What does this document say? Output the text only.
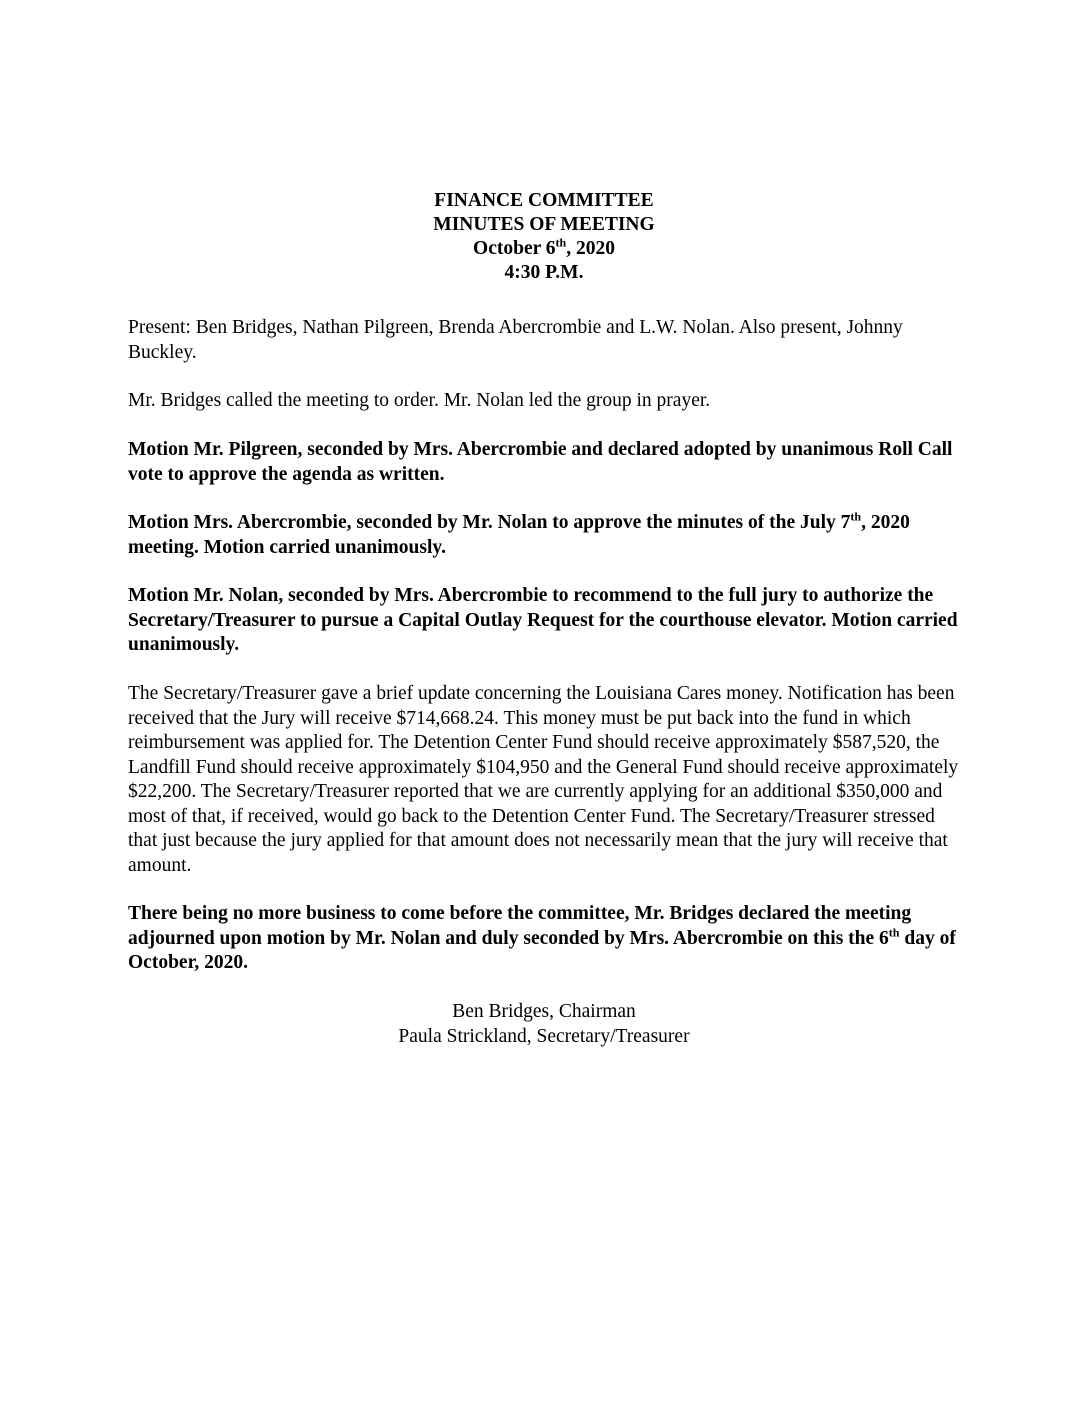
FINANCE COMMITTEE
MINUTES OF MEETING
October 6th, 2020
4:30 P.M.

Present: Ben Bridges, Nathan Pilgreen, Brenda Abercrombie and L.W. Nolan. Also present, Johnny Buckley.

Mr. Bridges called the meeting to order. Mr. Nolan led the group in prayer.

Motion Mr. Pilgreen, seconded by Mrs. Abercrombie and declared adopted by unanimous Roll Call vote to approve the agenda as written.

Motion Mrs. Abercrombie, seconded by Mr. Nolan to approve the minutes of the July 7th, 2020 meeting. Motion carried unanimously.

Motion Mr. Nolan, seconded by Mrs. Abercrombie to recommend to the full jury to authorize the Secretary/Treasurer to pursue a Capital Outlay Request for the courthouse elevator. Motion carried unanimously.

The Secretary/Treasurer gave a brief update concerning the Louisiana Cares money. Notification has been received that the Jury will receive $714,668.24. This money must be put back into the fund in which reimbursement was applied for. The Detention Center Fund should receive approximately $587,520, the Landfill Fund should receive approximately $104,950 and the General Fund should receive approximately $22,200. The Secretary/Treasurer reported that we are currently applying for an additional $350,000 and most of that, if received, would go back to the Detention Center Fund. The Secretary/Treasurer stressed that just because the jury applied for that amount does not necessarily mean that the jury will receive that amount.

There being no more business to come before the committee, Mr. Bridges declared the meeting adjourned upon motion by Mr. Nolan and duly seconded by Mrs. Abercrombie on this the 6th day of October, 2020.

Ben Bridges, Chairman
Paula Strickland, Secretary/Treasurer
